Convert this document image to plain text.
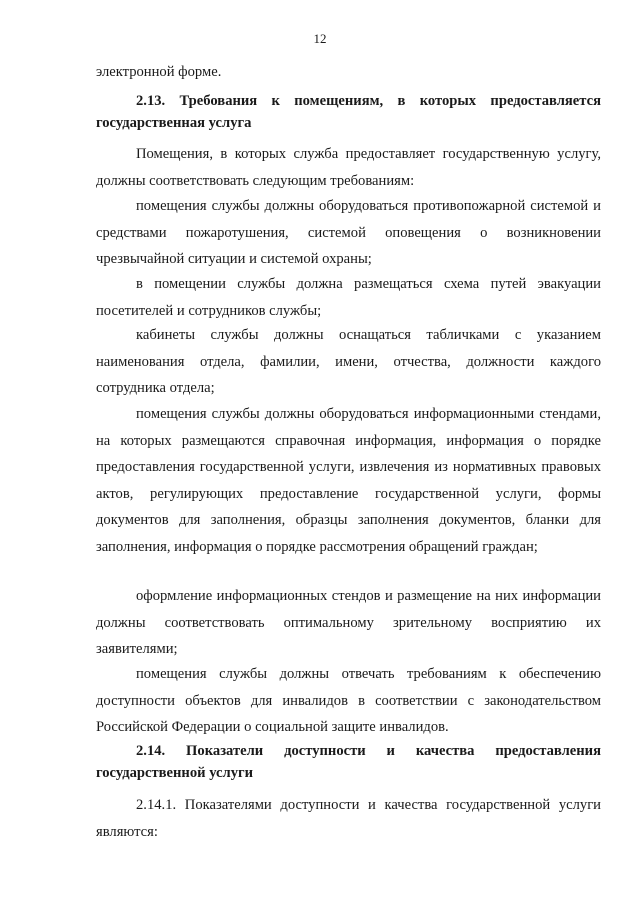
12
электронной форме.
2.13. Требования к помещениям, в которых предоставляется государственная услуга
Помещения, в которых служба предоставляет государственную услугу, должны соответствовать следующим требованиям:
помещения службы должны оборудоваться противопожарной системой и средствами пожаротушения, системой оповещения о возникновении чрезвычайной ситуации и системой охраны;
в помещении службы должна размещаться схема путей эвакуации посетителей и сотрудников службы;
кабинеты службы должны оснащаться табличками с указанием наименования отдела, фамилии, имени, отчества, должности каждого сотрудника отдела;
помещения службы должны оборудоваться информационными стендами, на которых размещаются справочная информация, информация о порядке предоставления государственной услуги, извлечения из нормативных правовых актов, регулирующих предоставление государственной услуги, формы документов для заполнения, образцы заполнения документов, бланки для заполнения, информация о порядке рассмотрения обращений граждан;
оформление информационных стендов и размещение на них информации должны соответствовать оптимальному зрительному восприятию их заявителями;
помещения службы должны отвечать требованиям к обеспечению доступности объектов для инвалидов в соответствии с законодательством Российской Федерации о социальной защите инвалидов.
2.14. Показатели доступности и качества предоставления государственной услуги
2.14.1. Показателями доступности и качества государственной услуги являются:
